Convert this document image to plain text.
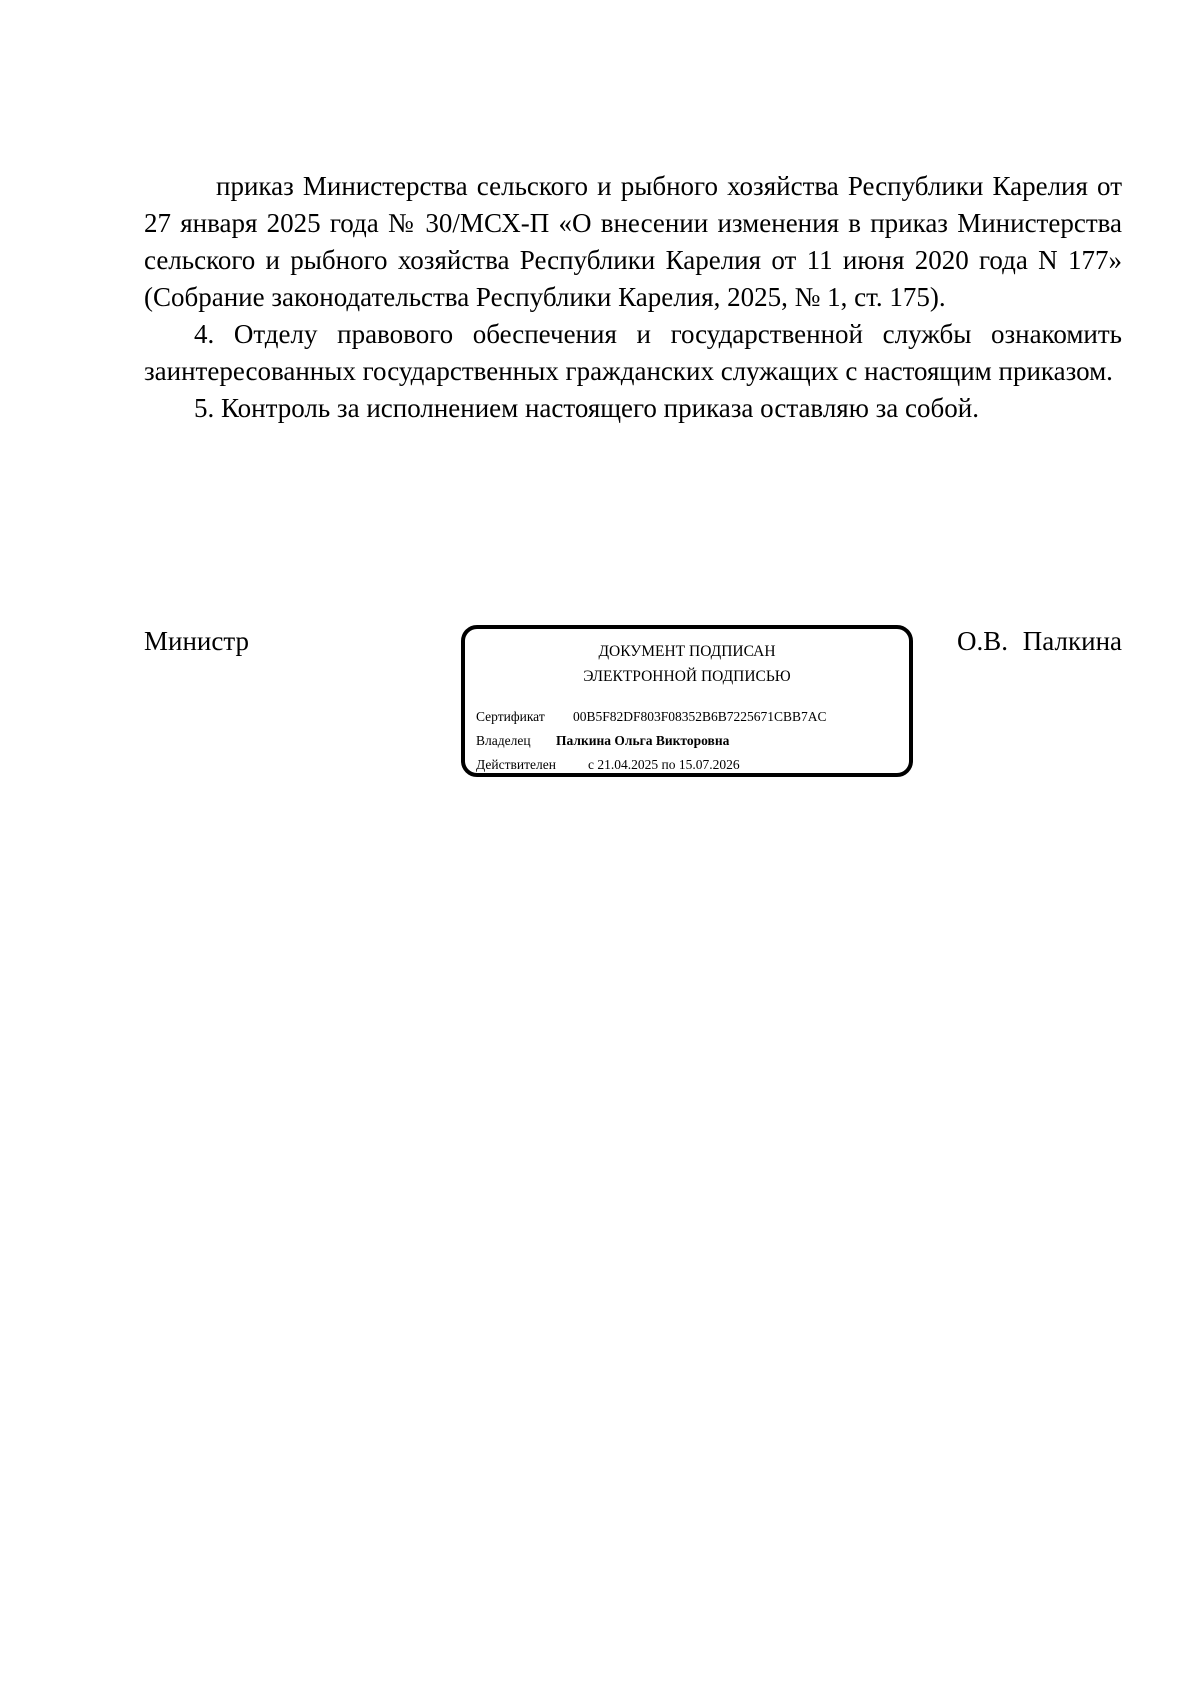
приказ Министерства сельского и рыбного хозяйства Республики Карелия от 27 января 2025 года № 30/МСХ-П «О внесении изменения в приказ Министерства сельского и рыбного хозяйства Республики Карелия от 11 июня 2020 года N 177» (Собрание законодательства Республики Карелия, 2025, № 1, ст. 175).

4. Отделу правового обеспечения и государственной службы ознакомить заинтересованных государственных гражданских служащих с настоящим приказом.

5. Контроль за исполнением настоящего приказа оставляю за собой.

Министр	ДОКУМЕНТ ПОДПИСАН
ЭЛЕКТРОННОЙ ПОДПИСЬЮ
Сертификат 00B5F82DF803F08352B6B7225671CBB7AC
Владелец Палкина Ольга Викторовна
Действителен с 21.04.2025 по 15.07.2026
О.В. Палкина
